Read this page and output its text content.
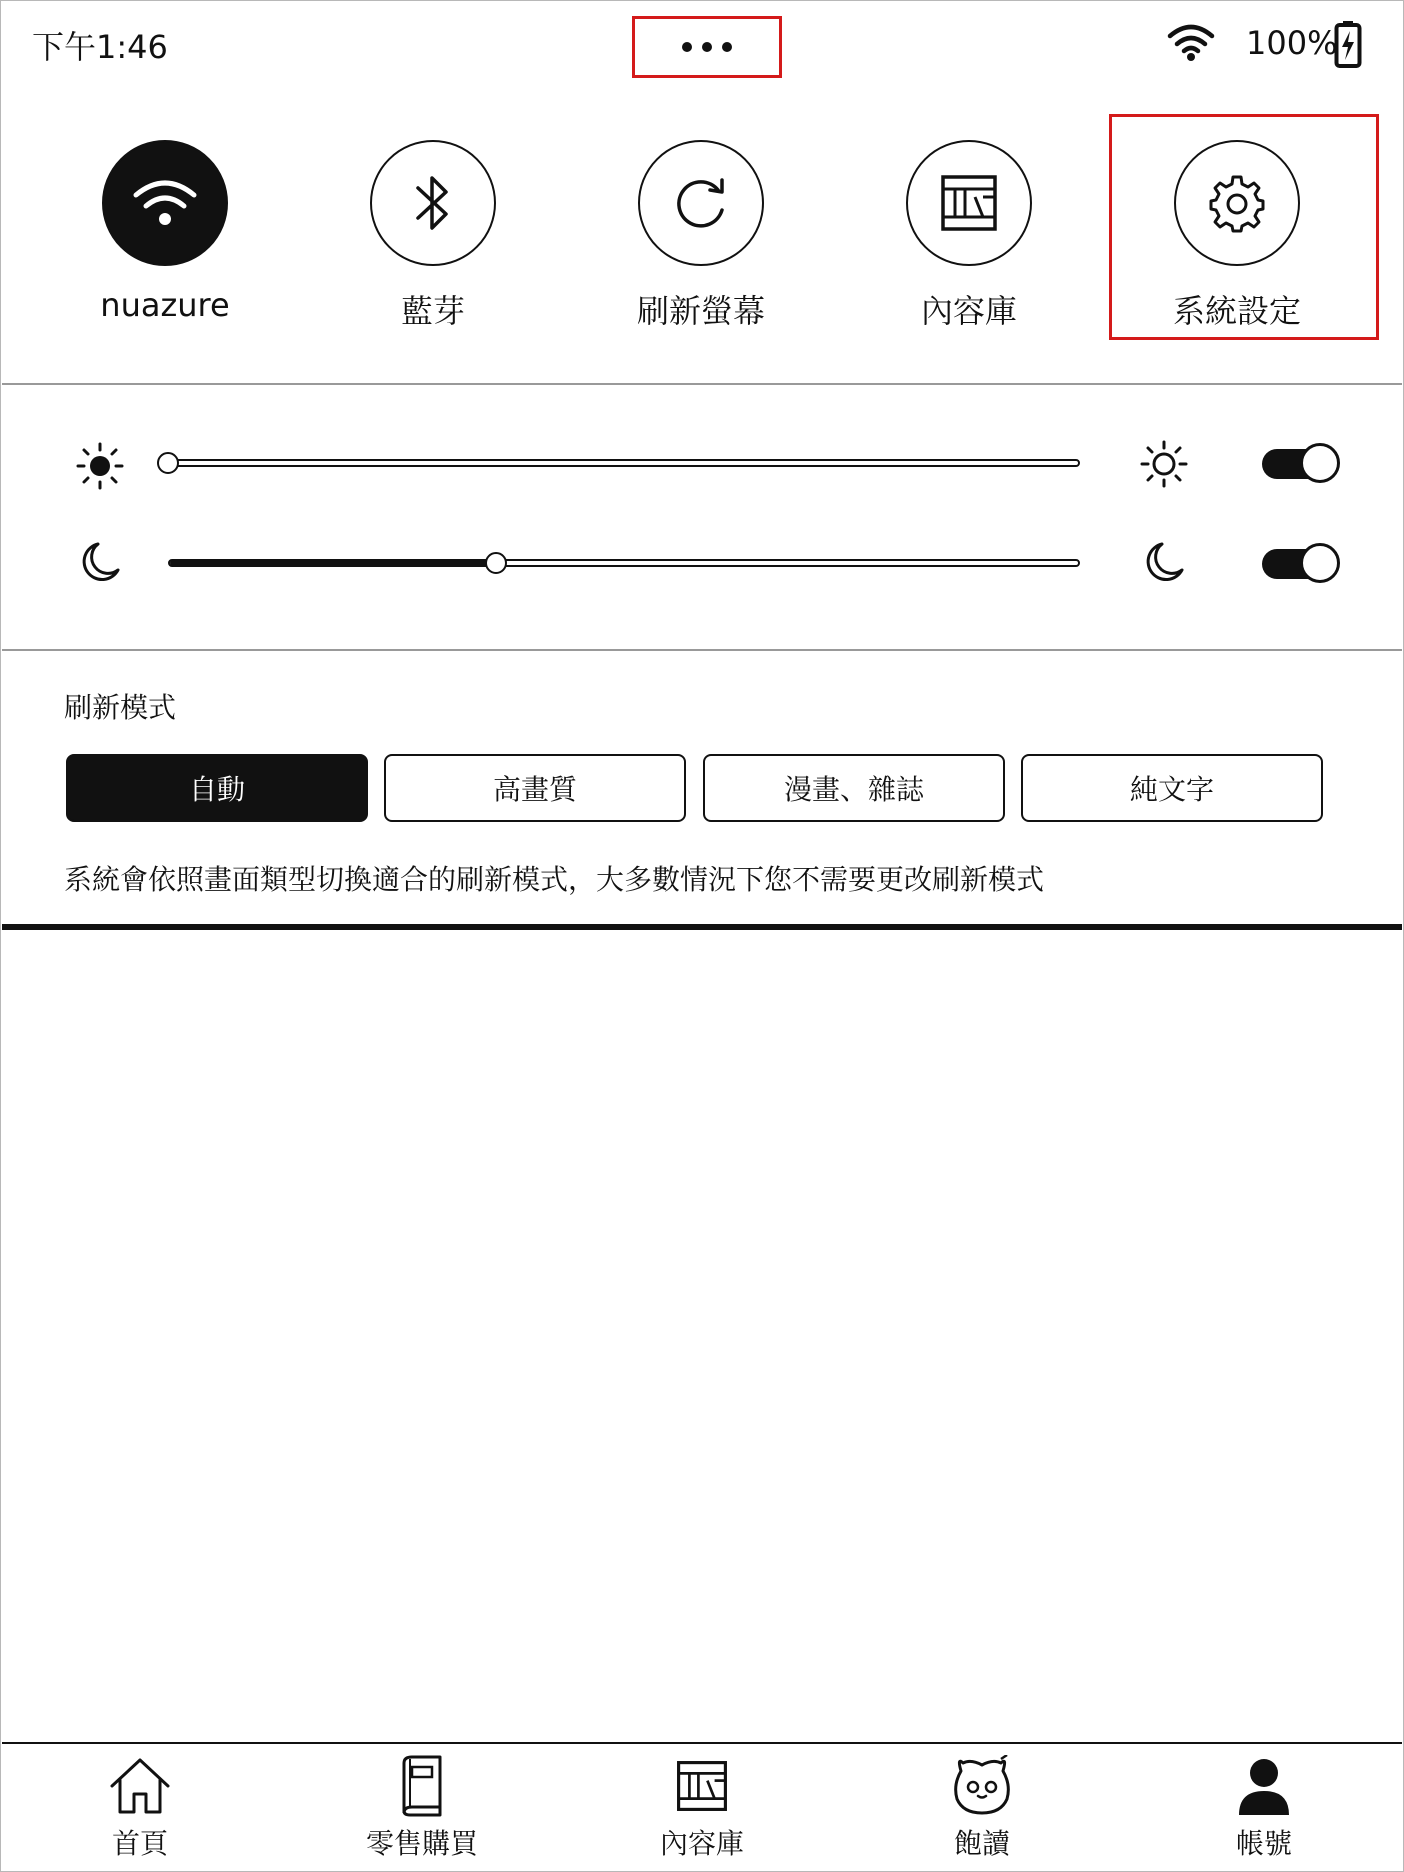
下午1:46	100%
nuazure	藍芽	刷新螢幕	內容庫	系統設定
刷新模式
自動	高畫質	漫畫、雜誌	純文字
系統會依照畫面類型切換適合的刷新模式，大多數情況下您不需要更改刷新模式
首頁	零售購買	內容庫	飽讀	帳號
